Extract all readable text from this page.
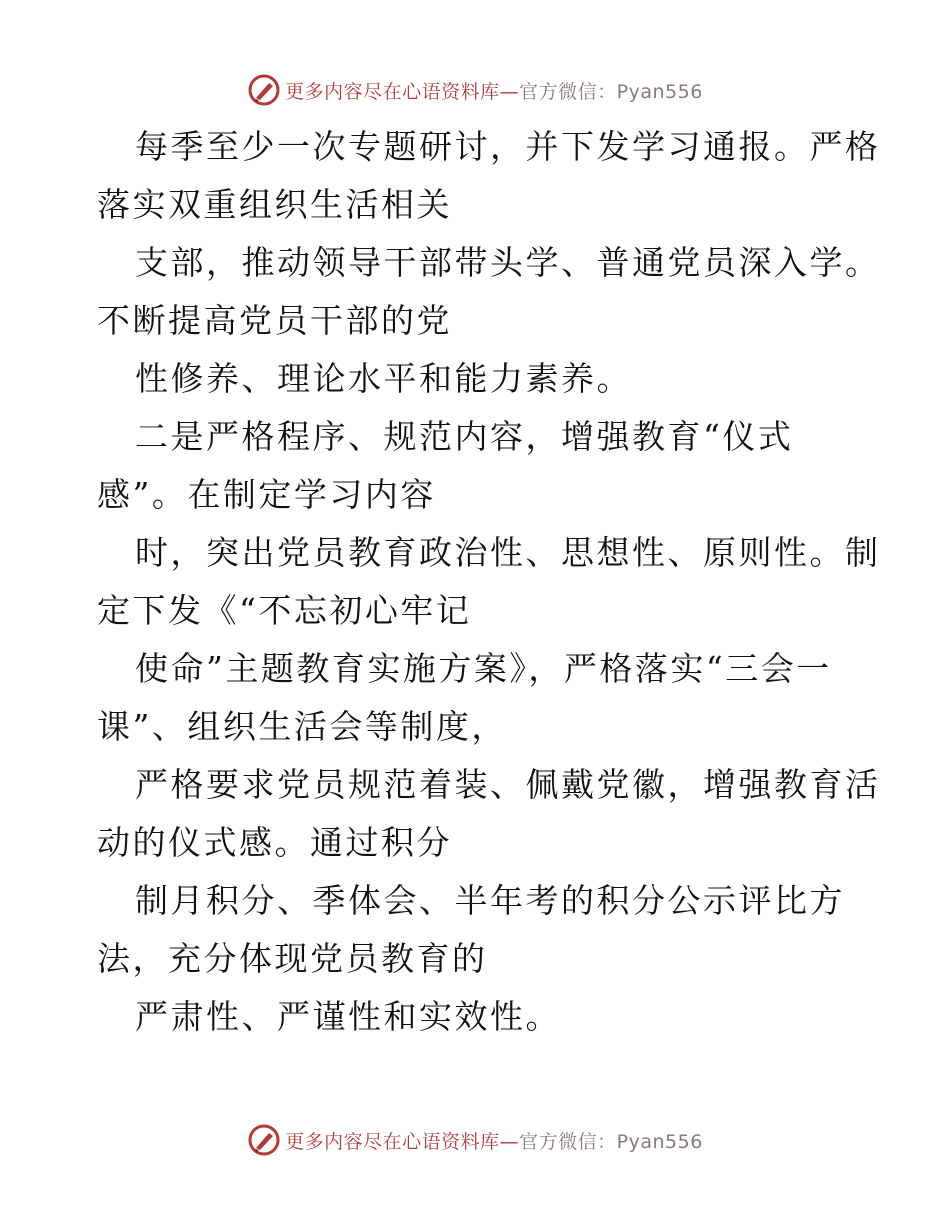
更多内容尽在心语资料库—官方微信：Pyan556

每季至少一次专题研讨，并下发学习通报。严格

落实双重组织生活相关

支部，推动领导干部带头学、普通党员深入学。

不断提高党员干部的党

性修养、理论水平和能力素养。

二是严格程序、规范内容，增强教育“仪式

感”。在制定学习内容

时，突出党员教育政治性、思想性、原则性。制

定下发《“不忘初心牢记

使命”主题教育实施方案》，严格落实“三会一

课”、组织生活会等制度，

严格要求党员规范着装、佩戴党徽，增强教育活

动的仪式感。通过积分

制月积分、季体会、半年考的积分公示评比方

法，充分体现党员教育的

严肃性、严谨性和实效性。

更多内容尽在心语资料库—官方微信：Pyan556
